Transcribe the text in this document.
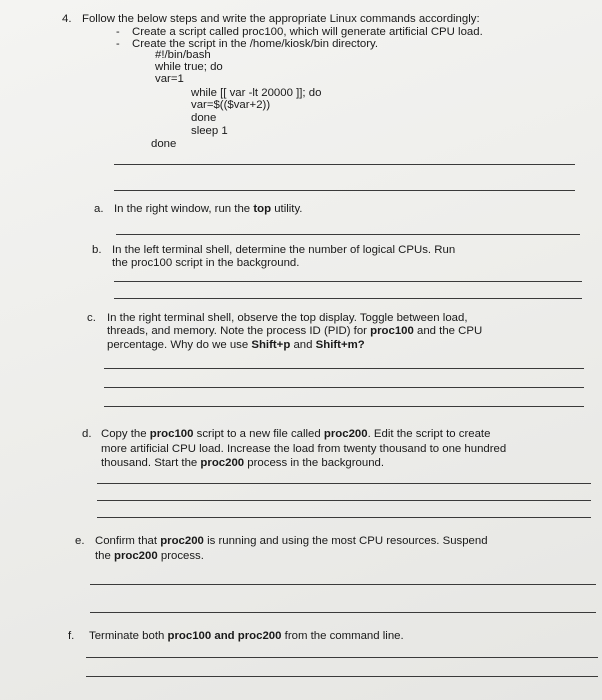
4. Follow the below steps and write the appropriate Linux commands accordingly:
- Create a script called proc100, which will generate artificial CPU load.
- Create the script in the /home/kiosk/bin directory.
#!/bin/bash
while true; do
var=1
while [[ var -lt 20000 ]]; do
var=$(($var+2))
done
sleep 1
done
a. In the right window, run the top utility.
b. In the left terminal shell, determine the number of logical CPUs. Run
the proc100 script in the background.
c. In the right terminal shell, observe the top display. Toggle between load,
threads, and memory. Note the process ID (PID) for proc100 and the CPU
percentage. Why do we use Shift+p and Shift+m?
d. Copy the proc100 script to a new file called proc200. Edit the script to create
more artificial CPU load. Increase the load from twenty thousand to one hundred
thousand. Start the proc200 process in the background.
e. Confirm that proc200 is running and using the most CPU resources. Suspend
the proc200 process.
f. Terminate both proc100 and proc200 from the command line.
